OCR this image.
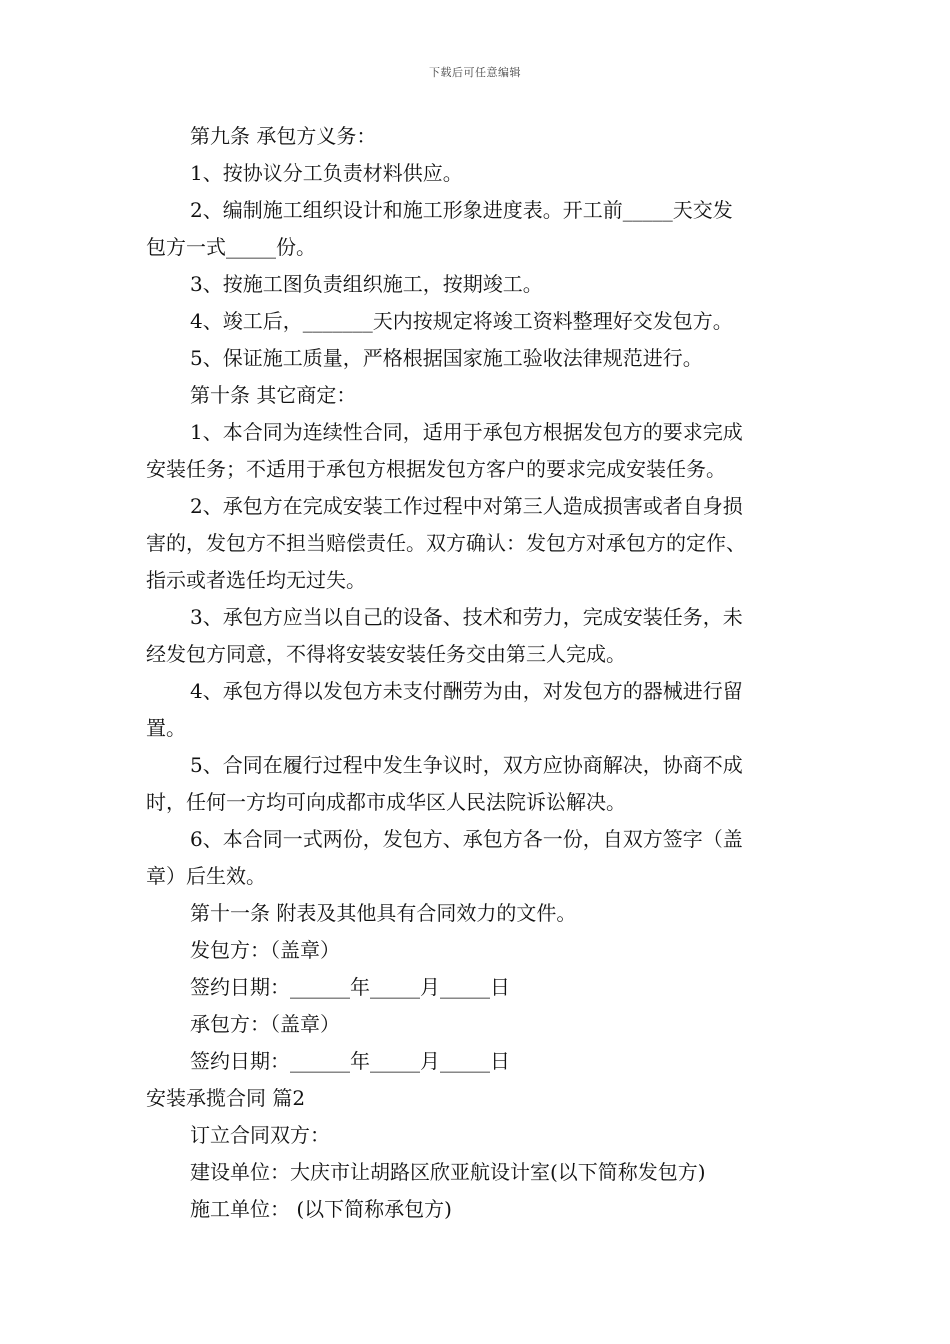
下载后可任意编辑
第九条 承包方义务：
1、按协议分工负责材料供应。
2、编制施工组织设计和施工形象进度表。开工前_____天交发
包方一式_____份。
3、按施工图负责组织施工，按期竣工。
4、竣工后，_______天内按规定将竣工资料整理好交发包方。
5、保证施工质量，严格根据国家施工验收法律规范进行。
第十条 其它商定：
1、本合同为连续性合同，适用于承包方根据发包方的要求完成
安装任务；不适用于承包方根据发包方客户的要求完成安装任务。
2、承包方在完成安装工作过程中对第三人造成损害或者自身损
害的，发包方不担当赔偿责任。双方确认：发包方对承包方的定作、
指示或者选任均无过失。
3、承包方应当以自己的设备、技术和劳力，完成安装任务，未
经发包方同意，不得将安装安装任务交由第三人完成。
4、承包方得以发包方未支付酬劳为由，对发包方的器械进行留
置。
5、合同在履行过程中发生争议时，双方应协商解决，协商不成
时，任何一方均可向成都市成华区人民法院诉讼解决。
6、本合同一式两份，发包方、承包方各一份，自双方签字（盖
章）后生效。
第十一条 附表及其他具有合同效力的文件。
发包方：（盖章）
签约日期：______年_____月_____日
承包方：（盖章）
签约日期：______年_____月_____日
安装承揽合同 篇2
订立合同双方：
建设单位：大庆市让胡路区欣亚航设计室(以下简称发包方)
施工单位： (以下简称承包方)
